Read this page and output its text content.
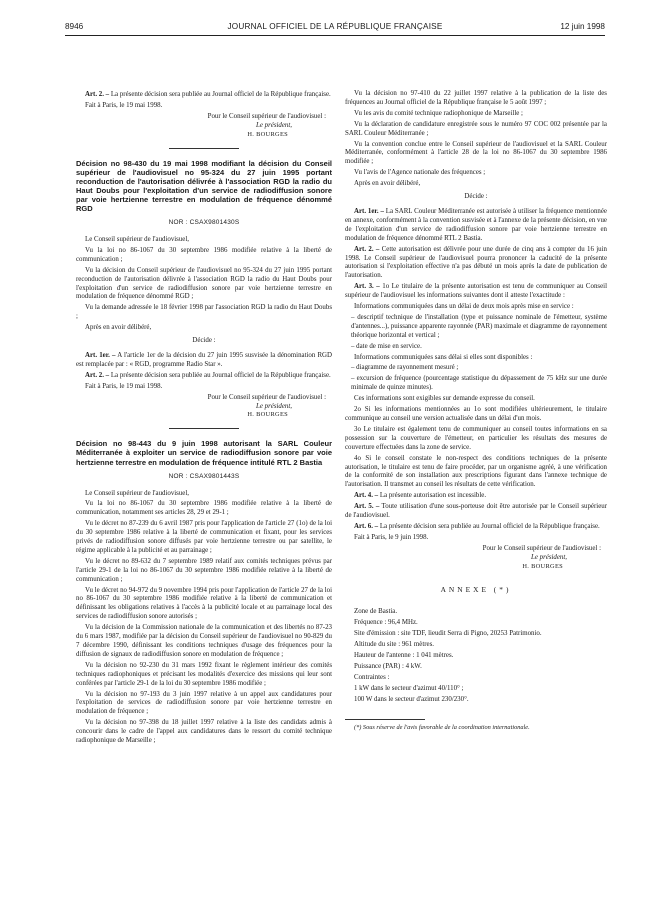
8946	JOURNAL OFFICIEL DE LA RÉPUBLIQUE FRANÇAISE	12 juin 1998

Art. 2. – La présente décision sera publiée au Journal officiel de la République française.

Fait à Paris, le 19 mai 1998.

Pour le Conseil supérieur de l'audiovisuel :

Le président,

H. BOURGES

Décision no 98-430 du 19 mai 1998 modifiant la décision du Conseil supérieur de l'audiovisuel no 95-324 du 27 juin 1995 portant reconduction de l'autorisation délivrée à l'association RGD la radio du Haut Doubs pour l'exploitation d'un service de radiodiffusion sonore par voie hertzienne terrestre en modulation de fréquence dénommé RGD

NOR : CSAX9801430S

Le Conseil supérieur de l'audiovisuel,

Vu la loi no 86-1067 du 30 septembre 1986 modifiée relative à la liberté de communication ;

Vu la décision du Conseil supérieur de l'audiovisuel no 95-324 du 27 juin 1995 portant reconduction de l'autorisation délivrée à l'association RGD la radio du Haut Doubs pour l'exploitation d'un service de radiodiffusion sonore par voie hertzienne terrestre en modulation de fréquence dénommé RGD ;

Vu la demande adressée le 18 février 1998 par l'association RGD la radio du Haut Doubs ;

Après en avoir délibéré,

Décide :

Art. 1er. – A l'article 1er de la décision du 27 juin 1995 susvisée la dénomination RGD est remplacée par : « RGD, programme Radio Star ».

Art. 2. – La présente décision sera publiée au Journal officiel de la République française.

Fait à Paris, le 19 mai 1998.

Pour le Conseil supérieur de l'audiovisuel :

Le président,

H. BOURGES

Décision no 98-443 du 9 juin 1998 autorisant la SARL Couleur Méditerranée à exploiter un service de radiodiffusion sonore par voie hertzienne terrestre en modulation de fréquence intitulé RTL 2 Bastia

NOR : CSAX9801443S

Le Conseil supérieur de l'audiovisuel,

Vu la loi no 86-1067 du 30 septembre 1986 modifiée relative à la liberté de communication, notamment ses articles 28, 29 et 29-1 ;

Vu le décret no 87-239 du 6 avril 1987 pris pour l'application de l'article 27 (1o) de la loi du 30 septembre 1986 relative à la liberté de communication et fixant, pour les services privés de radiodiffusion sonore diffusés par voie hertzienne terrestre ou par satellite, le régime applicable à la publicité et au parrainage ;

Vu le décret no 89-632 du 7 septembre 1989 relatif aux comités techniques prévus par l'article 29-1 de la loi no 86-1067 du 30 septembre 1986 modifiée relative à la liberté de communication ;

Vu le décret no 94-972 du 9 novembre 1994 pris pour l'application de l'article 27 de la loi no 86-1067 du 30 septembre 1986 modifiée relative à la liberté de communication et définissant les obligations relatives à l'accès à la publicité locale et au parrainage local des services de radiodiffusion sonore autorisés ;

Vu la décision de la Commission nationale de la communication et des libertés no 87-23 du 6 mars 1987, modifiée par la décision du Conseil supérieur de l'audiovisuel no 90-829 du 7 décembre 1990, définissant les conditions techniques d'usage des fréquences pour la diffusion de signaux de radiodiffusion sonore en modulation de fréquence ;

Vu la décision no 92-230 du 31 mars 1992 fixant le règlement intérieur des comités techniques radiophoniques et précisant les modalités d'exercice des missions qui leur sont conférées par l'article 29-1 de la loi du 30 septembre 1986 modifiée ;

Vu la décision no 97-193 du 3 juin 1997 relative à un appel aux candidatures pour l'exploitation de services de radiodiffusion sonore par voie hertzienne terrestre en modulation de fréquence ;

Vu la décision no 97-398 du 18 juillet 1997 relative à la liste des candidats admis à concourir dans le cadre de l'appel aux candidatures dans le ressort du comité technique radiophonique de Marseille ;

Vu la décision no 97-410 du 22 juillet 1997 relative à la publication de la liste des fréquences au Journal officiel de la République française le 5 août 1997 ;

Vu les avis du comité technique radiophonique de Marseille ;

Vu la déclaration de candidature enregistrée sous le numéro 97 COC 002 présentée par la SARL Couleur Méditerranée ;

Vu la convention conclue entre le Conseil supérieur de l'audiovisuel et la SARL Couleur Méditerranée, conformément à l'article 28 de la loi no 86-1067 du 30 septembre 1986 modifiée ;

Vu l'avis de l'Agence nationale des fréquences ;

Après en avoir délibéré,

Décide :

Art. 1er. – La SARL Couleur Méditerranée est autorisée à utiliser la fréquence mentionnée en annexe, conformément à la convention susvisée et à l'annexe de la présente décision, en vue de l'exploitation d'un service de radiodiffusion sonore par voie hertzienne terrestre en modulation de fréquence dénommé RTL 2 Bastia.

Art. 2. – Cette autorisation est délivrée pour une durée de cinq ans à compter du 16 juin 1998. Le Conseil supérieur de l'audiovisuel pourra prononcer la caducité de la présente autorisation si l'exploitation effective n'a pas débuté un mois après la date de publication de l'autorisation.

Art. 3. – 1o Le titulaire de la présente autorisation est tenu de communiquer au Conseil supérieur de l'audiovisuel les informations suivantes dont il atteste l'exactitude :

Informations communiquées dans un délai de deux mois après mise en service :

– descriptif technique de l'installation (type et puissance nominale de l'émetteur, système d'antennes...), puissance apparente rayonnée (PAR) maximale et diagramme de rayonnement théorique horizontal et vertical ;

– date de mise en service.

Informations communiquées sans délai si elles sont disponibles :

– diagramme de rayonnement mesuré ;

– excursion de fréquence (pourcentage statistique du dépassement de 75 kHz sur une durée minimale de quinze minutes).

Ces informations sont exigibles sur demande expresse du conseil.

2o Si les informations mentionnées au 1o sont modifiées ultérieurement, le titulaire communique au conseil une version actualisée dans un délai d'un mois.

3o Le titulaire est également tenu de communiquer au conseil toutes informations en sa possession sur la couverture de l'émetteur, en particulier les résultats des mesures de couverture effectuées dans la zone de service.

4o Si le conseil constate le non-respect des conditions techniques de la présente autorisation, le titulaire est tenu de faire procéder, par un organisme agréé, à une vérification de la conformité de son installation aux prescriptions figurant dans l'annexe technique de l'autorisation. Il transmet au conseil les résultats de cette vérification.

Art. 4. – La présente autorisation est incessible.

Art. 5. – Toute utilisation d'une sous-porteuse doit être autorisée par le Conseil supérieur de l'audiovisuel.

Art. 6. – La présente décision sera publiée au Journal officiel de la République française.

Fait à Paris, le 9 juin 1998.

Pour le Conseil supérieur de l'audiovisuel :

Le président,

H. BOURGES

ANNEXE (*)

Zone de Bastia.

Fréquence : 96,4 MHz.

Site d'émission : site TDF, lieudit Serra di Pigno, 20253 Patrimonio.

Altitude du site : 961 mètres.

Hauteur de l'antenne : 1 041 mètres.

Puissance (PAR) : 4 kW.

Contraintes :

1 kW dans le secteur d'azimut 40/110° ;

100 W dans le secteur d'azimut 230/230°.

(*) Sous réserve de l'avis favorable de la coordination internationale.
